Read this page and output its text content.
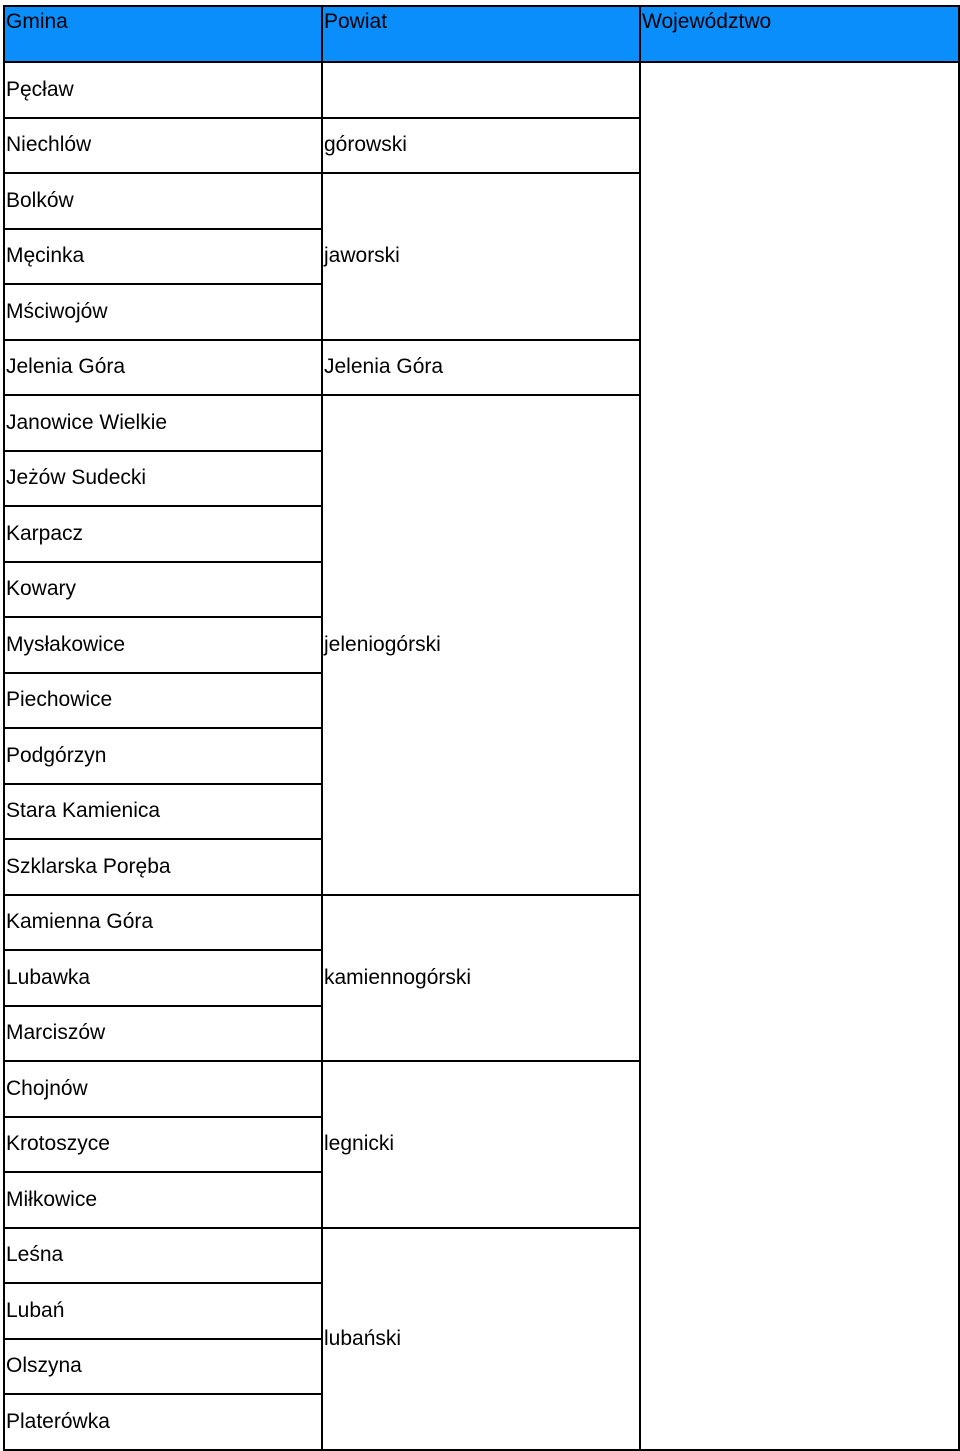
Gmina	Powiat	Województwo
Pęcław		
Niechlów	górowski	
Bolków	jaworski	
Męcinka		
Mściwojów		
Jelenia Góra	Jelenia Góra	
Janowice Wielkie	jeleniogórski	
Jeżów Sudecki		
Karpacz		
Kowary		
Mysłakowice		
Piechowice		
Podgórzyn		
Stara Kamienica		
Szklarska Poręba		
Kamienna Góra	kamiennogórski	
Lubawka		
Marciszów		
Chojnów	legnicki	
Krotoszyce		
Miłkowice		
Leśna	lubański	
Lubań		
Olszyna		
Platerówka		
